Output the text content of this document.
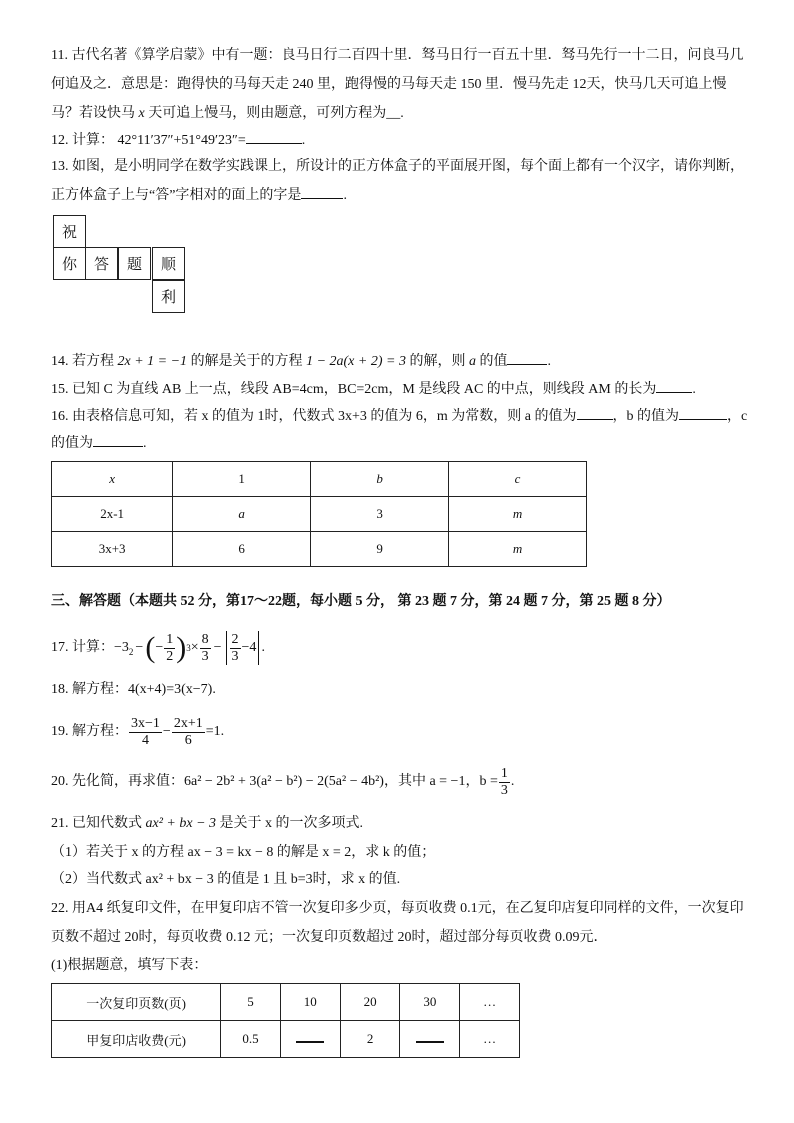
11. 古代名著《算学启蒙》中有一题：良马日行二百四十里．驽马日行一百五十里．驽马先行一十二日，问良马几
何追及之．意思是：跑得快的马每天走 240 里，跑得慢的马每天走 150 里．慢马先走 12天，快马几天可追上慢
马？若设快马 x 天可追上慢马，则由题意，可列方程为__.
12. 计算： 42°11′37″+51°49′23″=	.
13. 如图，是小明同学在数学实践课上，所设计的正方体盒子的平面展开图，每个面上都有一个汉字，请你判断，
正方体盒子上与“答”字相对的面上的字是	.
祝
你	答	题	顺
利
14. 若方程 2x + 1 = −1 的解是关于的方程 1 − 2a(x + 2) = 3 的解，则 a 的值	.
15. 已知 C 为直线 AB 上一点，线段 AB=4cm，BC=2cm，M 是线段 AC 的中点，则线段 AM 的长为	.
16. 由表格信息可知，若 x 的值为 1时，代数式 3x+3 的值为 6，m 为常数，则 a 的值为	，b 的值为	，c
的值为	.
x	1	b	c
2x-1	a	3	m
3x+3	6	9	m
三、解答题（本题共 52 分，第17～22题，每小题 5 分， 第 23 题 7 分，第 24 题 7 分，第 25 题 8 分）
17. 计算： $-3_2$ − ( − $\frac{1}{2}$ ) $3 \times \frac{8}{3} - \frac{2}{3} -4$ .
18. 解方程：4(x+4)=3(x−7).
19. 解方程： $\frac{3x-1}{4} - \frac{2x+1}{6} =1$.
20. 先化简，再求值： 6a² − 2b² + 3(a² − b²) − 2(5a² − 4b²) ，其中 a = −1，$b = \frac{1}{3}$ .
21. 已知代数式 ax² + bx − 3 是关于 x 的一次多项式.
（1）若关于 x 的方程 ax − 3 = kx − 8 的解是 x = 2，求 k 的值；
（2）当代数式 ax² + bx − 3 的值是 1 且 b=3时，求 x 的值.
22. 用A4 纸复印文件，在甲复印店不管一次复印多少页，每页收费 0.1元，在乙复印店复印同样的文件，一次复印
页数不超过 20时，每页收费 0.12 元；一次复印页数超过 20时，超过部分每页收费 0.09元．
(1)根据题意，填写下表：
一次复印页数(页)	5	10	20	30	…
甲复印店收费(元)	0.5		2		…
